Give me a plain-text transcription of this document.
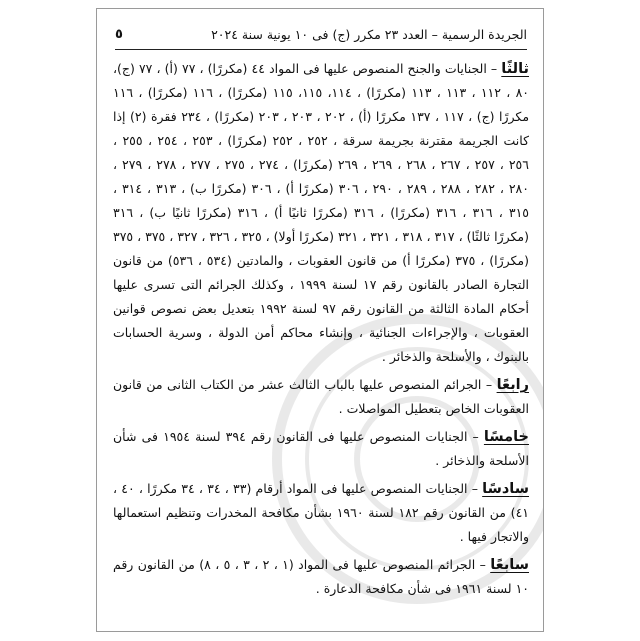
الجريدة الرسمية – العدد ٢٣ مكرر (ج) فى ١٠ يونية سنة ٢٠٢٤
٥

ثالثًا – الجنايات والجنح المنصوص عليها فى المواد ٤٤ (مكررًا) ، ٧٧ (أ) ، ٧٧ (ج)، ٨٠ ، ١١٢ ، ١١٣ ، ١١٣ (مكررًا) ، ١١٤، ١١٥، ١١٥ (مكررًا) ، ١١٦ (مكررًا) ، ١١٦ مكررًا (ج) ، ١١٧ ، ١٣٧ مكررًا (أ) ، ٢٠٢ ، ٢٠٣ ، ٢٠٣ (مكررًا) ، ٢٣٤ فقرة (٢) إذا كانت الجريمة مقترنة بجريمة سرقة ، ٢٥٢ ، ٢٥٢ (مكررًا) ، ٢٥٣ ، ٢٥٤ ، ٢٥٥ ، ٢٥٦ ، ٢٥٧ ، ٢٦٧ ، ٢٦٨ ، ٢٦٩ ، ٢٦٩ (مكررًا) ، ٢٧٤ ، ٢٧٥ ، ٢٧٧ ، ٢٧٨ ، ٢٧٩ ، ٢٨٠ ، ٢٨٢ ، ٢٨٨ ، ٢٨٩ ، ٢٩٠ ، ٣٠٦ (مكررًا أ) ، ٣٠٦ (مكررًا ب) ، ٣١٣ ، ٣١٤ ، ٣١٥ ، ٣١٦ ، ٣١٦ (مكررًا) ، ٣١٦ (مكررًا ثانيًا أ) ، ٣١٦ (مكررًا ثانيًا ب) ، ٣١٦ (مكررًا ثالثًا) ، ٣١٧ ، ٣١٨ ، ٣٢١ ، ٣٢١ (مكررًا أولا) ، ٣٢٥ ، ٣٢٦ ، ٣٢٧ ، ٣٧٥ ، ٣٧٥ (مكررًا) ، ٣٧٥ (مكررًا أ) من قانون العقوبات ، والمادتين (٥٣٤ ، ٥٣٦) من قانون التجارة الصادر بالقانون رقم ١٧ لسنة ١٩٩٩ ، وكذلك الجرائم التى تسرى عليها أحكام المادة الثالثة من القانون رقم ٩٧ لسنة ١٩٩٢ بتعديل بعض نصوص قوانين العقوبات ، والإجراءات الجنائية ، وإنشاء محاكم أمن الدولة ، وسرية الحسابات بالبنوك ، والأسلحة والذخائر .

رابعًا – الجرائم المنصوص عليها بالباب الثالث عشر من الكتاب الثانى من قانون العقوبات الخاص بتعطيل المواصلات .

خامسًا – الجنايات المنصوص عليها فى القانون رقم ٣٩٤ لسنة ١٩٥٤ فى شأن الأسلحة والذخائر .

سادسًا – الجنايات المنصوص عليها فى المواد أرقام (٣٣ ، ٣٤ ، ٣٤ مكررًا ، ٤٠ ، ٤١) من القانون رقم ١٨٢ لسنة ١٩٦٠ بشأن مكافحة المخدرات وتنظيم استعمالها والاتجار فيها .

سابعًا – الجرائم المنصوص عليها فى المواد (١ ، ٢ ، ٣ ، ٥ ، ٨) من القانون رقم ١٠ لسنة ١٩٦١ فى شأن مكافحة الدعارة .
